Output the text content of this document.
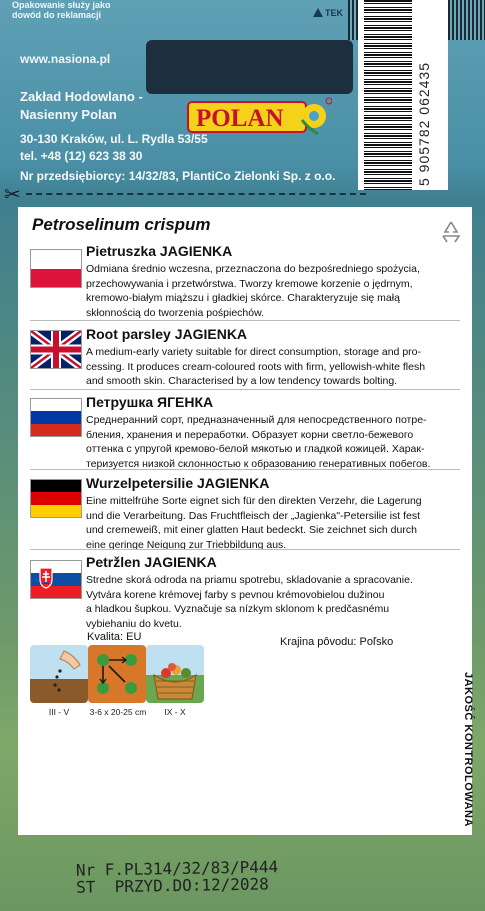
Opakowanie służy jako
dowód do reklamacji	TEK
5 905782 062435
www.nasiona.pl
Zakład Hodowlano -
Nasienny Polan	POLAN
30-130 Kraków, ul. L. Rydla 53/55
tel. +48 (12) 623 38 30
Nr przedsiębiorcy: 14/32/83, PlantiCo Zielonki Sp. z o.o.
✂
Petroselinum crispum
Pietruszka JAGIENKA
Odmiana średnio wczesna, przeznaczona do bezpośredniego spożycia,
przechowywania i przetwórstwa. Tworzy kremowe korzenie o jędrnym,
kremowo-białym miąższu i gładkiej skórce. Charakteryzuje się małą
skłonnością do tworzenia pośpiechów.
Root parsley JAGIENKA
A medium-early variety suitable for direct consumption, storage and pro-
cessing. It produces cream-coloured roots with firm, yellowish-white flesh
and smooth skin. Characterised by a low tendency towards bolting.
Петрушка ЯГЕНКА
Среднеранний сорт, предназначенный для непосредственного потре-
бления, хранения и переработки. Образует корни светло-бежевого
оттенка с упругой кремово-белой мякотью и гладкой кожицей. Харак-
теризуется низкой склонностью к образованию генеративных побегов.
Wurzelpetersilie JAGIENKA
Eine mittelfrühe Sorte eignet sich für den direkten Verzehr, die Lagerung
und die Verarbeitung. Das Fruchtfleisch der „Jagienka"-Petersilie ist fest
und cremeweiß, mit einer glatten Haut bedeckt. Sie zeichnet sich durch
eine geringe Neigung zur Triebbildung aus.
Petržlen JAGIENKA
Stredne skorá odroda na priamu spotrebu, skladovanie a spracovanie.
Vytvára korene krémovej farby s pevnou krémovobielou dužinou
a hladkou šupkou. Vyznačuje sa nízkym sklonom k predčasnému
vybiehaniu do kvetu.
Kvalita: EU	Krajina pôvodu: Poľsko
III - V	3-6 x 20-25 cm	IX - X	JAKOŚĆ KONTROLOWANA
Nr F.PL314/32/83/P444
ST  PRZYD.DO:12/2028
